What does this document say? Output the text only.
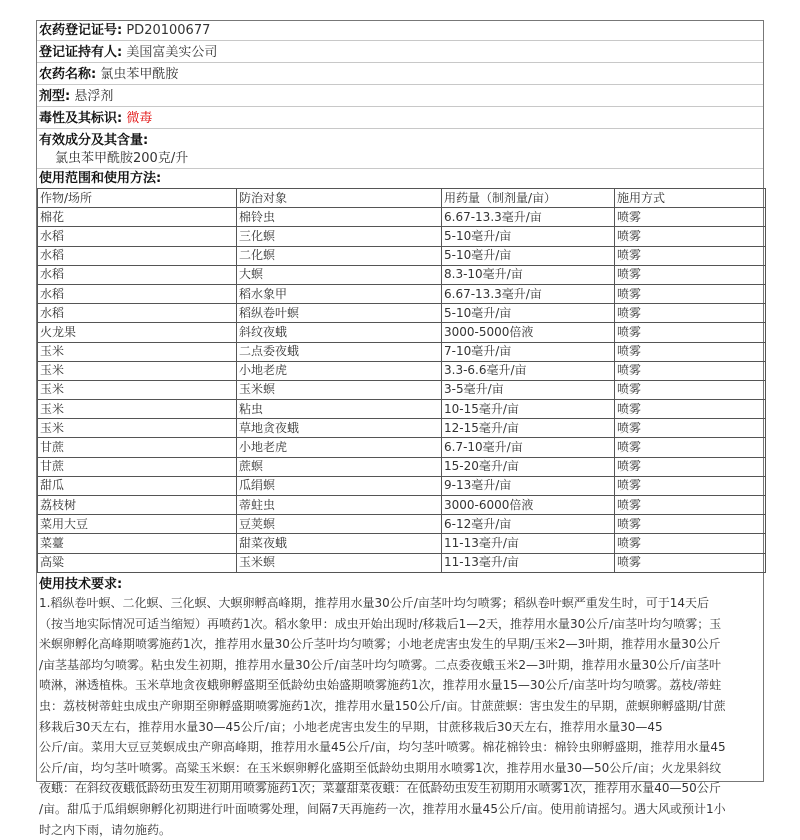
农药登记证号: PD20100677
登记证持有人: 美国富美实公司
农药名称: 氯虫苯甲酰胺
剂型: 悬浮剂
毒性及其标识: 微毒
有效成分及其含量:
氯虫苯甲酰胺200克/升
使用范围和使用方法:
作物/场所	防治对象	用药量（制剂量/亩）	施用方式
棉花	棉铃虫	6.67-13.3毫升/亩	喷雾
水稻	三化螟	5-10毫升/亩	喷雾
水稻	二化螟	5-10毫升/亩	喷雾
水稻	大螟	8.3-10毫升/亩	喷雾
水稻	稻水象甲	6.67-13.3毫升/亩	喷雾
水稻	稻纵卷叶螟	5-10毫升/亩	喷雾
火龙果	斜纹夜蛾	3000-5000倍液	喷雾
玉米	二点委夜蛾	7-10毫升/亩	喷雾
玉米	小地老虎	3.3-6.6毫升/亩	喷雾
玉米	玉米螟	3-5毫升/亩	喷雾
玉米	粘虫	10-15毫升/亩	喷雾
玉米	草地贪夜蛾	12-15毫升/亩	喷雾
甘蔗	小地老虎	6.7-10毫升/亩	喷雾
甘蔗	蔗螟	15-20毫升/亩	喷雾
甜瓜	瓜绢螟	9-13毫升/亩	喷雾
荔枝树	蒂蛀虫	3000-6000倍液	喷雾
菜用大豆	豆荚螟	6-12毫升/亩	喷雾
菜薹	甜菜夜蛾	11-13毫升/亩	喷雾
高粱	玉米螟	11-13毫升/亩	喷雾
使用技术要求:
1.稻纵卷叶螟、二化螟、三化螟、大螟卵孵高峰期，推荐用水量30公斤/亩茎叶均匀喷雾；稻纵卷叶螟严重发生时，可于14天后
（按当地实际情况可适当缩短）再喷药1次。稻水象甲：成虫开始出现时/移栽后1—2天，推荐用水量30公斤/亩茎叶均匀喷雾；玉
米螟卵孵化高峰期喷雾施药1次，推荐用水量30公斤茎叶均匀喷雾；小地老虎害虫发生的早期/玉米2—3叶期，推荐用水量30公斤
/亩茎基部均匀喷雾。粘虫发生初期，推荐用水量30公斤/亩茎叶均匀喷雾。二点委夜蛾玉米2—3叶期，推荐用水量30公斤/亩茎叶
喷淋，淋透植株。玉米草地贪夜蛾卵孵盛期至低龄幼虫始盛期喷雾施药1次，推荐用水量15—30公斤/亩茎叶均匀喷雾。荔枝/蒂蛀
虫：荔枝树蒂蛀虫成虫产卵期至卵孵盛期喷雾施药1次，推荐用水量150公斤/亩。甘蔗蔗螟：害虫发生的早期，蔗螟卵孵盛期/甘蔗
移栽后30天左右，推荐用水量30—45公斤/亩；小地老虎害虫发生的早期，甘蔗移栽后30天左右，推荐用水量30—45
公斤/亩。菜用大豆豆荚螟成虫产卵高峰期，推荐用水量45公斤/亩，均匀茎叶喷雾。棉花棉铃虫：棉铃虫卵孵盛期，推荐用水量45
公斤/亩，均匀茎叶喷雾。高粱玉米螟：在玉米螟卵孵化盛期至低龄幼虫期用水喷雾1次，推荐用水量30—50公斤/亩；火龙果斜纹
夜蛾：在斜纹夜蛾低龄幼虫发生初期用喷雾施药1次；菜薹甜菜夜蛾：在低龄幼虫发生初期用水喷雾1次，推荐用水量40—50公斤
/亩。甜瓜于瓜绢螟卵孵化初期进行叶面喷雾处理，间隔7天再施药一次，推荐用水量45公斤/亩。使用前请摇匀。遇大风或预计1小
时之内下雨，请勿施药。
